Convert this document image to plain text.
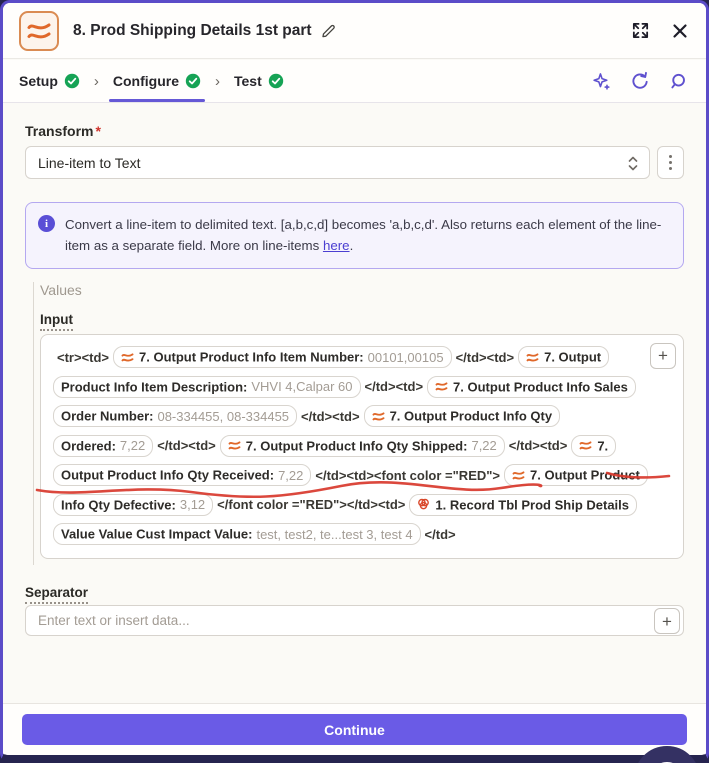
8. Prod Shipping Details 1st part
Setup › Configure › Test
Transform *
Line-item to Text
i	Convert a line-item to delimited text. [a,b,c,d] becomes 'a,b,c,d'. Also returns each element of the line-item as a separate field. More on line-items here.
Values
Input
<tr><td> 7. Output Product Info Item Number: 00101,00105 </td><td> 7. Output Product Info Item Description: VHVI 4,Calpar 60 </td><td> 7. Output Product Info Sales Order Number: 08-334455, 08-334455 </td><td> 7. Output Product Info Qty Ordered: 7,22 </td><td> 7. Output Product Info Qty Shipped: 7,22 </td><td> 7. Output Product Info Qty Received: 7,22 </td><td><font color ="RED"> 7. Output Product Info Qty Defective: 3,12 </font color ="RED"></td><td> 1. Record Tbl Prod Ship Details Value Value Cust Impact Value: test, test2, te...test 3, test 4 </td>
+
Separator
Enter text or insert data...
+
Continue
